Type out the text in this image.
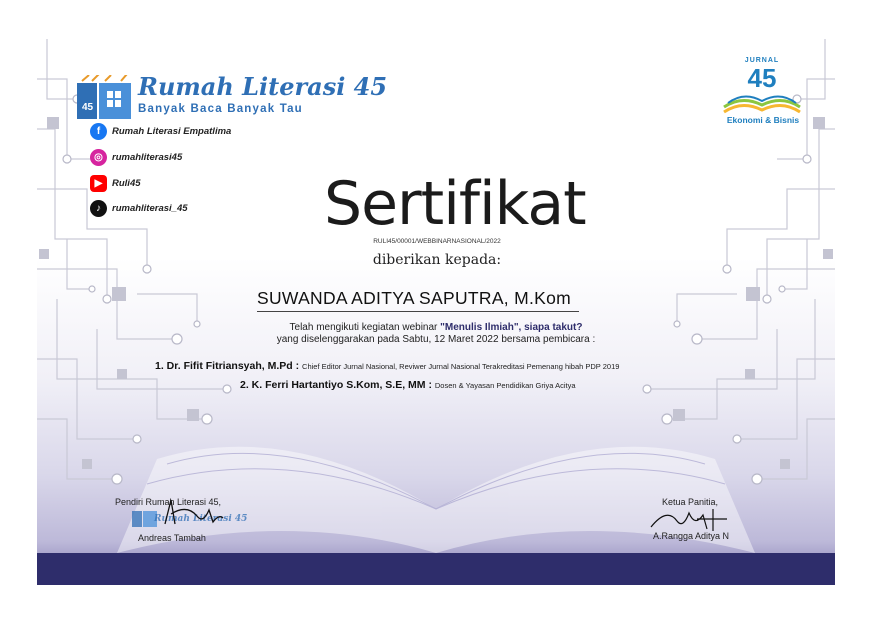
45
Rumah Literasi 45
Banyak Baca Banyak Tau
f	Rumah Literasi Empatlima
◎ rumahliterasi45
▶	Ruli45
♪	rumahliterasi_45
JURNAL
45
Ekonomi & Bisnis
Sertifikat
RULI45/00001/WEBBINARNASIONAL/2022
diberikan kepada:
SUWANDA ADITYA SAPUTRA, M.Kom
Telah mengikuti kegiatan webinar "Menulis Ilmiah", siapa takut?
yang diselenggarakan pada Sabtu, 12 Maret 2022 bersama pembicara :
1. Dr. Fifit Fitriansyah, M.Pd : Chief Editor Jurnal Nasional, Reviwer Jurnal Nasional Terakreditasi Pemenang hibah PDP 2019
2. K. Ferri Hartantiyo S.Kom, S.E, MM : Dosen & Yayasan Pendidikan Griya Acitya
Pendiri Rumah Literasi 45,
Rumah Literasi 45
Andreas Tambah
Ketua Panitia,
A.Rangga Aditya N
